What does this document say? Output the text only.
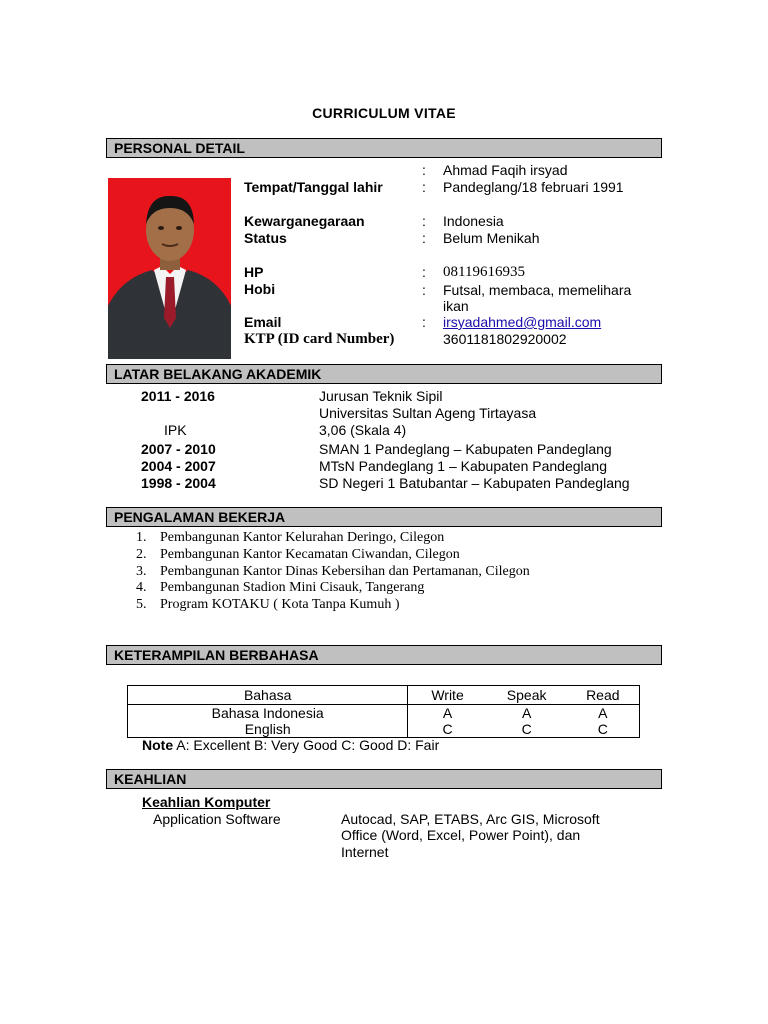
CURRICULUM VITAE
PERSONAL DETAIL
: Ahmad Faqih irsyad
Tempat/Tanggal lahir	: Pandeglang/18 februari 1991
Kewarganegaraan	: Indonesia
Status	: Belum Menikah
HP	: 08119616935
Hobi	: Futsal, membaca, memelihara
ikan
Email	: irsyadahmed@gmail.com
KTP (ID card Number)	3601181802920002
LATAR BELAKANG AKADEMIK
2011 - 2016	Jurusan Teknik Sipil
Universitas Sultan Ageng Tirtayasa
IPK	3,06 (Skala 4)
2007 - 2010	SMAN 1 Pandeglang – Kabupaten Pandeglang
2004 - 2007	MTsN Pandeglang 1 – Kabupaten Pandeglang
1998 - 2004	SD Negeri 1 Batubantar – Kabupaten Pandeglang
PENGALAMAN BEKERJA
1. Pembangunan Kantor Kelurahan Deringo, Cilegon
2. Pembangunan Kantor Kecamatan Ciwandan, Cilegon
3. Pembangunan Kantor Dinas Kebersihan dan Pertamanan, Cilegon
4. Pembangunan Stadion Mini Cisauk, Tangerang
5. Program KOTAKU ( Kota Tanpa Kumuh )
KETERAMPILAN BERBAHASA
Bahasa	Write	Speak	Read
Bahasa Indonesia	A	A	A
English	C	C	C
Note A: Excellent B: Very Good C: Good D: Fair
KEAHLIAN
Keahlian Komputer
Application Software	Autocad, SAP, ETABS, Arc GIS, Microsoft
Office (Word, Excel, Power Point), dan
Internet
